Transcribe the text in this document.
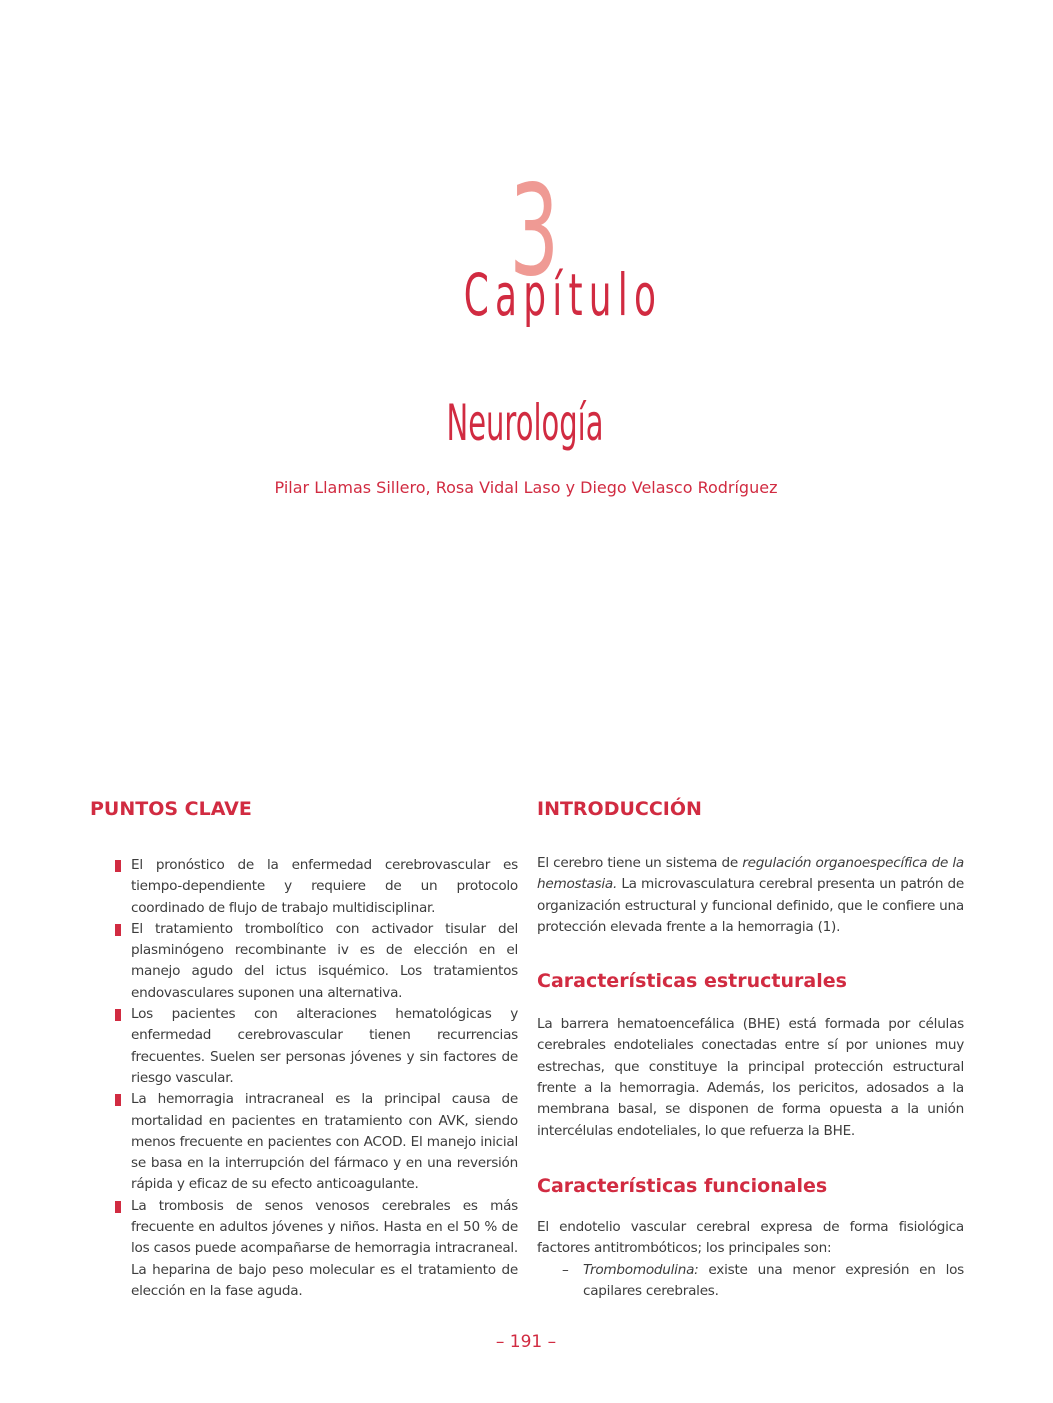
3
Capítulo
Neurología
Pilar Llamas Sillero, Rosa Vidal Laso y Diego Velasco Rodríguez
PUNTOS CLAVE
El pronóstico de la enfermedad cerebrovascular es tiempo-dependiente y requiere de un protocolo coordinado de flujo de trabajo multidisciplinar.
El tratamiento trombolítico con activador tisular del plasminógeno recombinante iv es de elección en el manejo agudo del ictus isquémico. Los tratamientos endovasculares suponen una alternativa.
Los pacientes con alteraciones hematológicas y enfermedad cerebrovascular tienen recurrencias frecuentes. Suelen ser personas jóvenes y sin factores de riesgo vascular.
La hemorragia intracraneal es la principal causa de mortalidad en pacientes en tratamiento con AVK, siendo menos frecuente en pacientes con ACOD. El manejo inicial se basa en la interrupción del fármaco y en una reversión rápida y eficaz de su efecto anticoagulante.
La trombosis de senos venosos cerebrales es más frecuente en adultos jóvenes y niños. Hasta en el 50 % de los casos puede acompañarse de hemorragia intracraneal. La heparina de bajo peso molecular es el tratamiento de elección en la fase aguda.
INTRODUCCIÓN

El cerebro tiene un sistema de regulación organoespecífica de la hemostasia. La microvasculatura cerebral presenta un patrón de organización estructural y funcional definido, que le confiere una protección elevada frente a la hemorragia (1).

Características estructurales

La barrera hematoencefálica (BHE) está formada por células cerebrales endoteliales conectadas entre sí por uniones muy estrechas, que constituye la principal protección estructural frente a la hemorragia. Además, los pericitos, adosados a la membrana basal, se disponen de forma opuesta a la unión intercélulas endoteliales, lo que refuerza la BHE.

Características funcionales

El endotelio vascular cerebral expresa de forma fisiológica factores antitrombóticos; los principales son:

– Trombomodulina: existe una menor expresión en los capilares cerebrales.
– 191 –
